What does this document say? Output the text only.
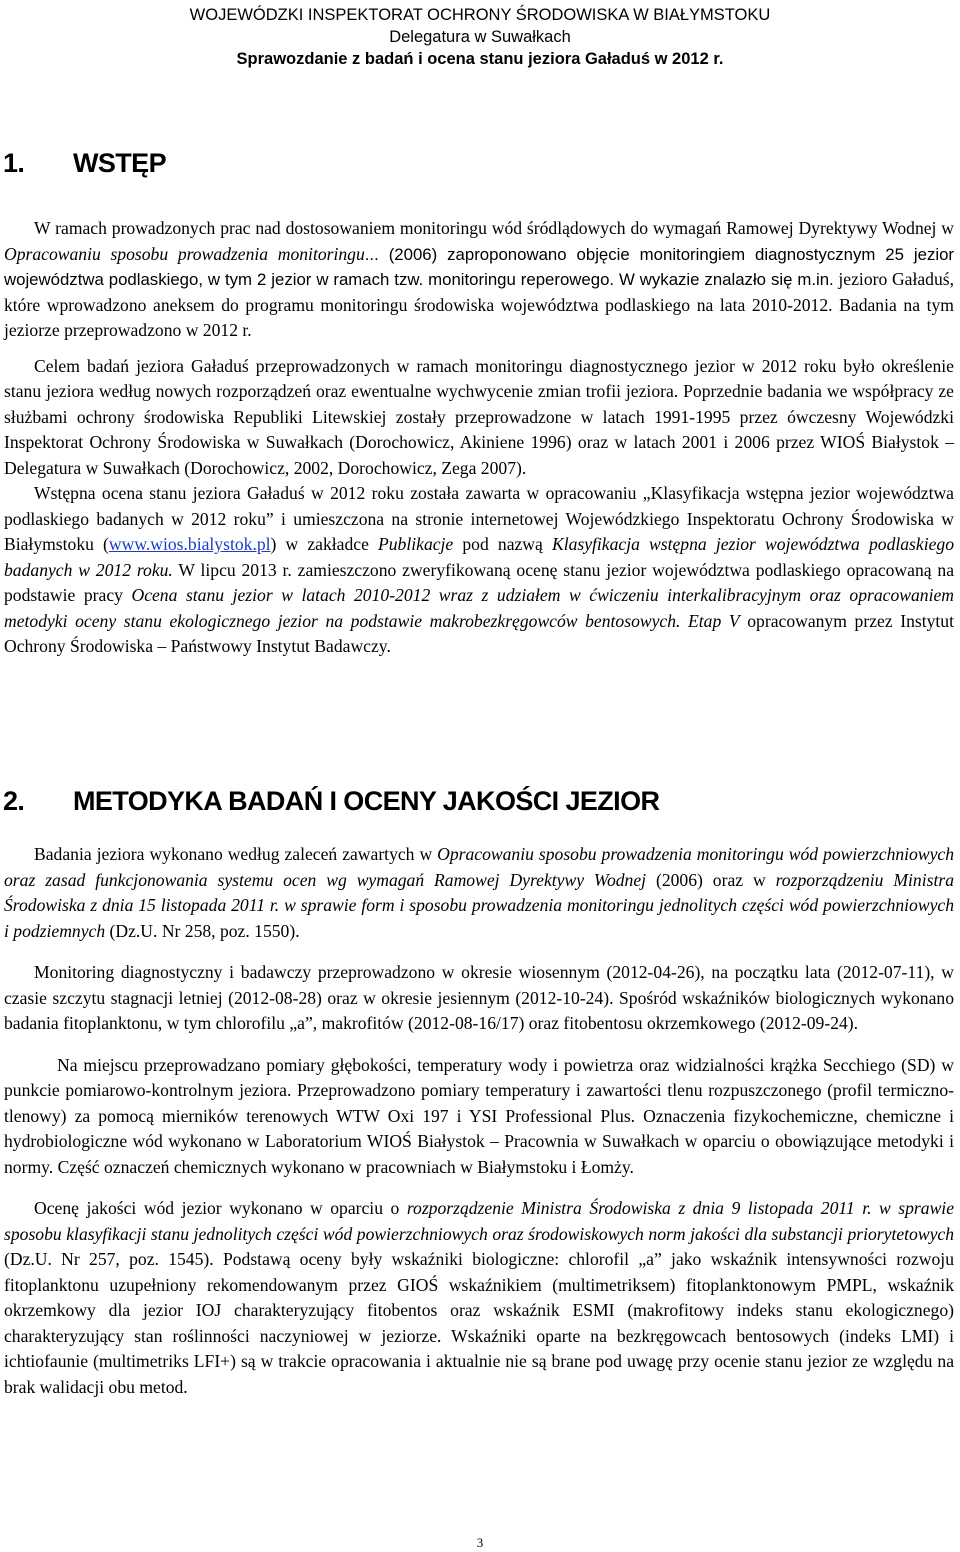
WOJEWÓDZKI INSPEKTORAT OCHRONY ŚRODOWISKA W BIAŁYMSTOKU
Delegatura w Suwałkach
Sprawozdanie z badań i ocena stanu jeziora Gaładuś w 2012 r.
1. WSTĘP

W ramach prowadzonych prac nad dostosowaniem monitoringu wód śródlądowych do wymagań Ramowej Dyrektywy Wodnej w Opracowaniu sposobu prowadzenia monitoringu... (2006) zaproponowano objęcie monitoringiem diagnostycznym 25 jezior województwa podlaskiego, w tym 2 jezior w ramach tzw. monitoringu reperowego. W wykazie znalazło się m.in. jezioro Gaładuś, które wprowadzono aneksem do programu monitoringu środowiska województwa podlaskiego na lata 2010-2012. Badania na tym jeziorze przeprowadzono w 2012 r.

Celem badań jeziora Gaładuś przeprowadzonych w ramach monitoringu diagnostycznego jezior w 2012 roku było określenie stanu jeziora według nowych rozporządzeń oraz ewentualne wychwycenie zmian trofii jeziora. Poprzednie badania we współpracy ze służbami ochrony środowiska Republiki Litewskiej zostały przeprowadzone w latach 1991-1995 przez ówczesny Wojewódzki Inspektorat Ochrony Środowiska w Suwałkach (Dorochowicz, Akiniene 1996) oraz w latach 2001 i 2006 przez WIOŚ Białystok – Delegatura w Suwałkach (Dorochowicz, 2002, Dorochowicz, Zega 2007).

Wstępna ocena stanu jeziora Gaładuś w 2012 roku została zawarta w opracowaniu „Klasyfikacja wstępna jezior województwa podlaskiego badanych w 2012 roku” i umieszczona na stronie internetowej Wojewódzkiego Inspektoratu Ochrony Środowiska w Białymstoku (www.wios.bialystok.pl) w zakładce Publikacje pod nazwą Klasyfikacja wstępna jezior województwa podlaskiego badanych w 2012 roku. W lipcu 2013 r. zamieszczono zweryfikowaną ocenę stanu jezior województwa podlaskiego opracowaną na podstawie pracy Ocena stanu jezior w latach 2010-2012 wraz z udziałem w ćwiczeniu interkalibracyjnym oraz opracowaniem metodyki oceny stanu ekologicznego jezior na podstawie makrobezkręgowców bentosowych. Etap V opracowanym przez Instytut Ochrony Środowiska – Państwowy Instytut Badawczy.

2. METODYKA BADAŃ I OCENY JAKOŚCI JEZIOR

Badania jeziora wykonano według zaleceń zawartych w Opracowaniu sposobu prowadzenia monitoringu wód powierzchniowych oraz zasad funkcjonowania systemu ocen wg wymagań Ramowej Dyrektywy Wodnej (2006) oraz w rozporządzeniu Ministra Środowiska z dnia 15 listopada 2011 r. w sprawie form i sposobu prowadzenia monitoringu jednolitych części wód powierzchniowych i podziemnych (Dz.U. Nr 258, poz. 1550).

Monitoring diagnostyczny i badawczy przeprowadzono w okresie wiosennym (2012-04-26), na początku lata (2012-07-11), w czasie szczytu stagnacji letniej (2012-08-28) oraz w okresie jesiennym (2012-10-24). Spośród wskaźników biologicznych wykonano badania fitoplanktonu, w tym chlorofilu „a”, makrofitów (2012-08-16/17) oraz fitobentosu okrzemkowego (2012-09-24).

Na miejscu przeprowadzano pomiary głębokości, temperatury wody i powietrza oraz widzialności krążka Secchiego (SD) w punkcie pomiarowo-kontrolnym jeziora. Przeprowadzono pomiary temperatury i zawartości tlenu rozpuszczonego (profil termiczno-tlenowy) za pomocą mierników terenowych WTW Oxi 197 i YSI Professional Plus. Oznaczenia fizykochemiczne, chemiczne i hydrobiologiczne wód wykonano w Laboratorium WIOŚ Białystok – Pracownia w Suwałkach w oparciu o obowiązujące metodyki i normy. Część oznaczeń chemicznych wykonano w pracowniach w Białymstoku i Łomży.

Ocenę jakości wód jezior wykonano w oparciu o rozporządzenie Ministra Środowiska z dnia 9 listopada 2011 r. w sprawie sposobu klasyfikacji stanu jednolitych części wód powierzchniowych oraz środowiskowych norm jakości dla substancji priorytetowych (Dz.U. Nr 257, poz. 1545). Podstawą oceny były wskaźniki biologiczne: chlorofil „a” jako wskaźnik intensywności rozwoju fitoplanktonu uzupełniony rekomendowanym przez GIOŚ wskaźnikiem (multimetriksem) fitoplanktonowym PMPL, wskaźnik okrzemkowy dla jezior IOJ charakteryzujący fitobentos oraz wskaźnik ESMI (makrofitowy indeks stanu ekologicznego) charakteryzujący stan roślinności naczyniowej w jeziorze. Wskaźniki oparte na bezkręgowcach bentosowych (indeks LMI) i ichtiofaunie (multimetriks LFI+) są w trakcie opracowania i aktualnie nie są brane pod uwagę przy ocenie stanu jezior ze względu na brak walidacji obu metod.

3
